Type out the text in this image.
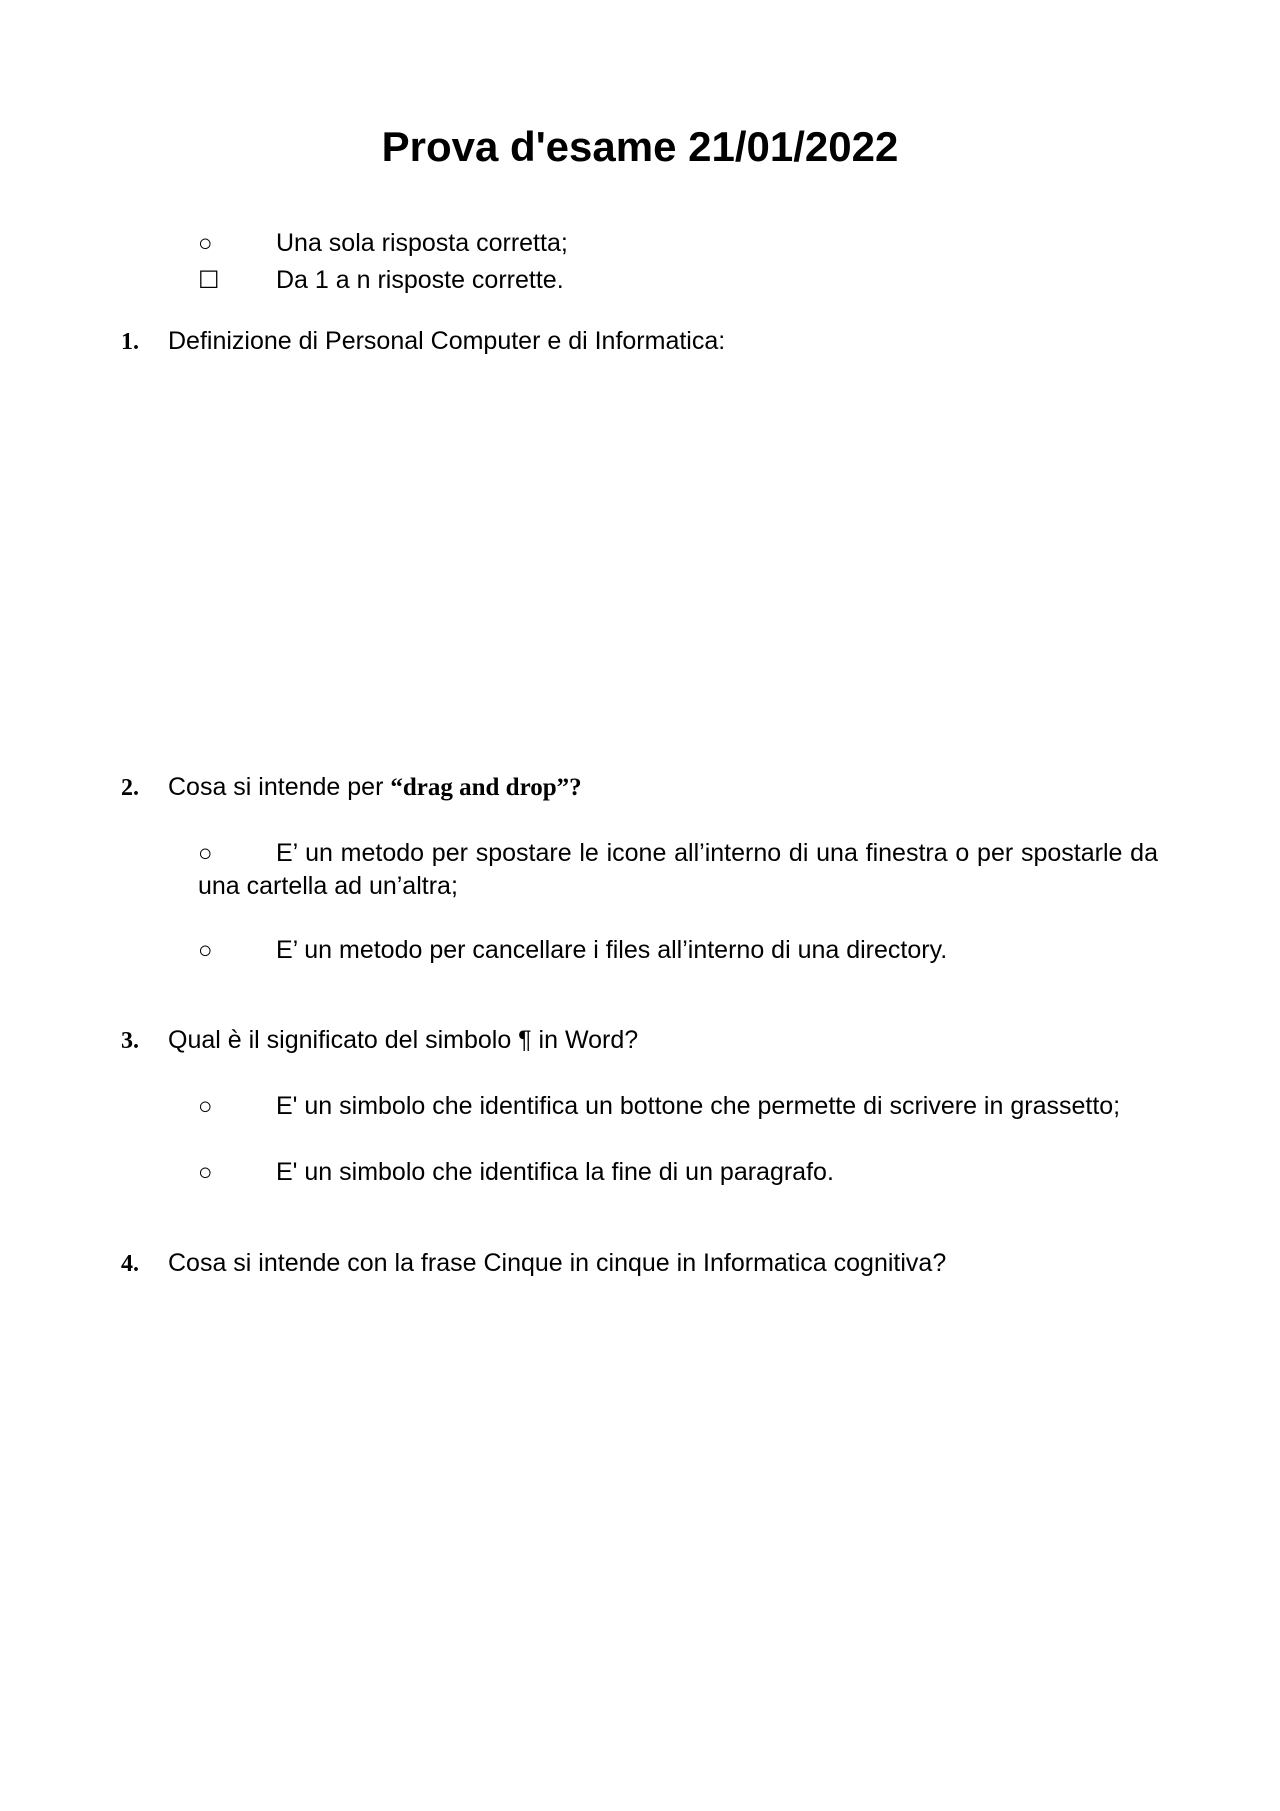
Prova d'esame 21/01/2022
○	Una sola risposta corretta;
☐ Da 1 a n risposte corrette.
1. Definizione di Personal Computer e di Informatica:
2. Cosa si intende per “drag and drop”?
○	E’ un metodo per spostare le icone all’interno di una finestra o per spostarle da una cartella ad un’altra;
○	E’ un metodo per cancellare i files all’interno di una directory.
3. Qual è il significato del simbolo ¶ in Word?
○	E' un simbolo che identifica un bottone che permette di scrivere in grassetto;
○	E' un simbolo che identifica la fine di un paragrafo.
4. Cosa si intende con la frase Cinque in cinque in Informatica cognitiva?
